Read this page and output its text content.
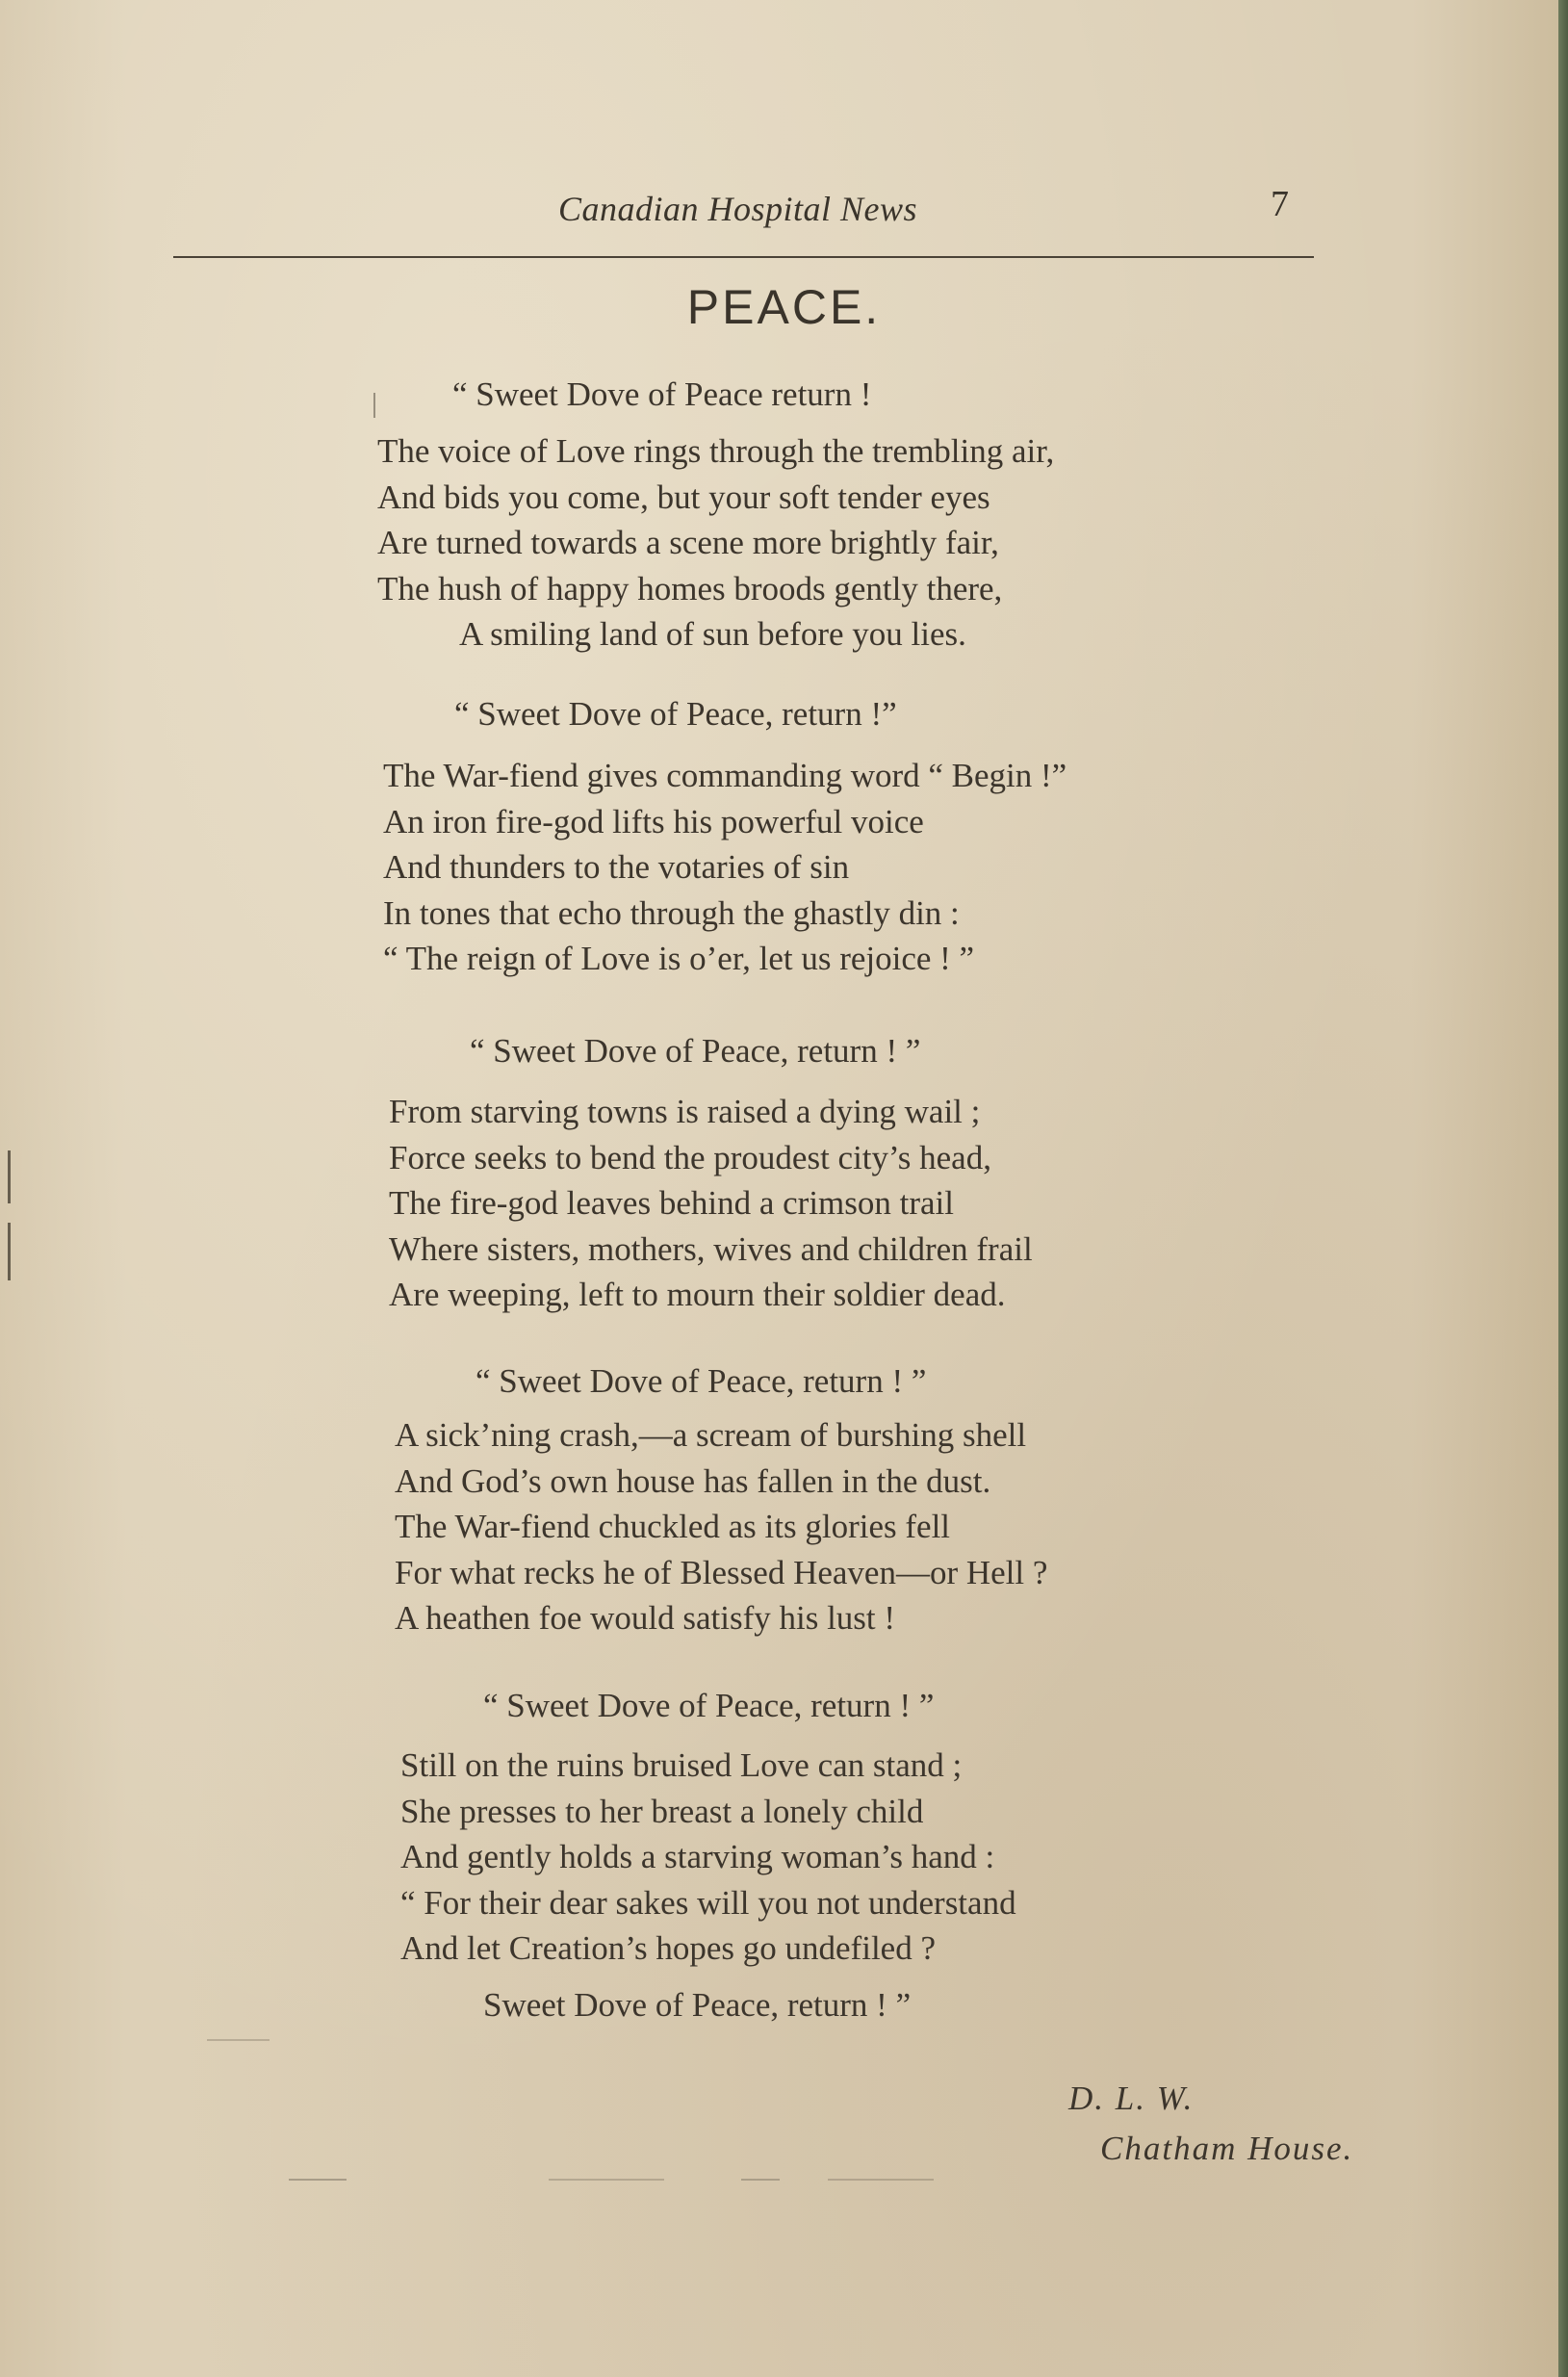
Canadian Hospital News	7
PEACE.
“ Sweet Dove of Peace return !
The voice of Love rings through the trembling air,
And bids you come, but your soft tender eyes
Are turned towards a scene more brightly fair,
The hush of happy homes broods gently there,
A smiling land of sun before you lies.
“ Sweet Dove of Peace, return !”
The War-fiend gives commanding word “ Begin !”
An iron fire-god lifts his powerful voice
And thunders to the votaries of sin
In tones that echo through the ghastly din :
“ The reign of Love is o’er, let us rejoice ! ”
“ Sweet Dove of Peace, return ! ”
From starving towns is raised a dying wail ;
Force seeks to bend the proudest city’s head,
The fire-god leaves behind a crimson trail
Where sisters, mothers, wives and children frail
Are weeping, left to mourn their soldier dead.
“ Sweet Dove of Peace, return ! ”
A sick’ning crash,—a scream of burshing shell
And God’s own house has fallen in the dust.
The War-fiend chuckled as its glories fell
For what recks he of Blessed Heaven—or Hell ?
A heathen foe would satisfy his lust !
“ Sweet Dove of Peace, return ! ”
Still on the ruins bruised Love can stand ;
She presses to her breast a lonely child
And gently holds a starving woman’s hand :
“ For their dear sakes will you not understand
And let Creation’s hopes go undefiled ?
Sweet Dove of Peace, return ! ”
D. L. W.
Chatham House.
